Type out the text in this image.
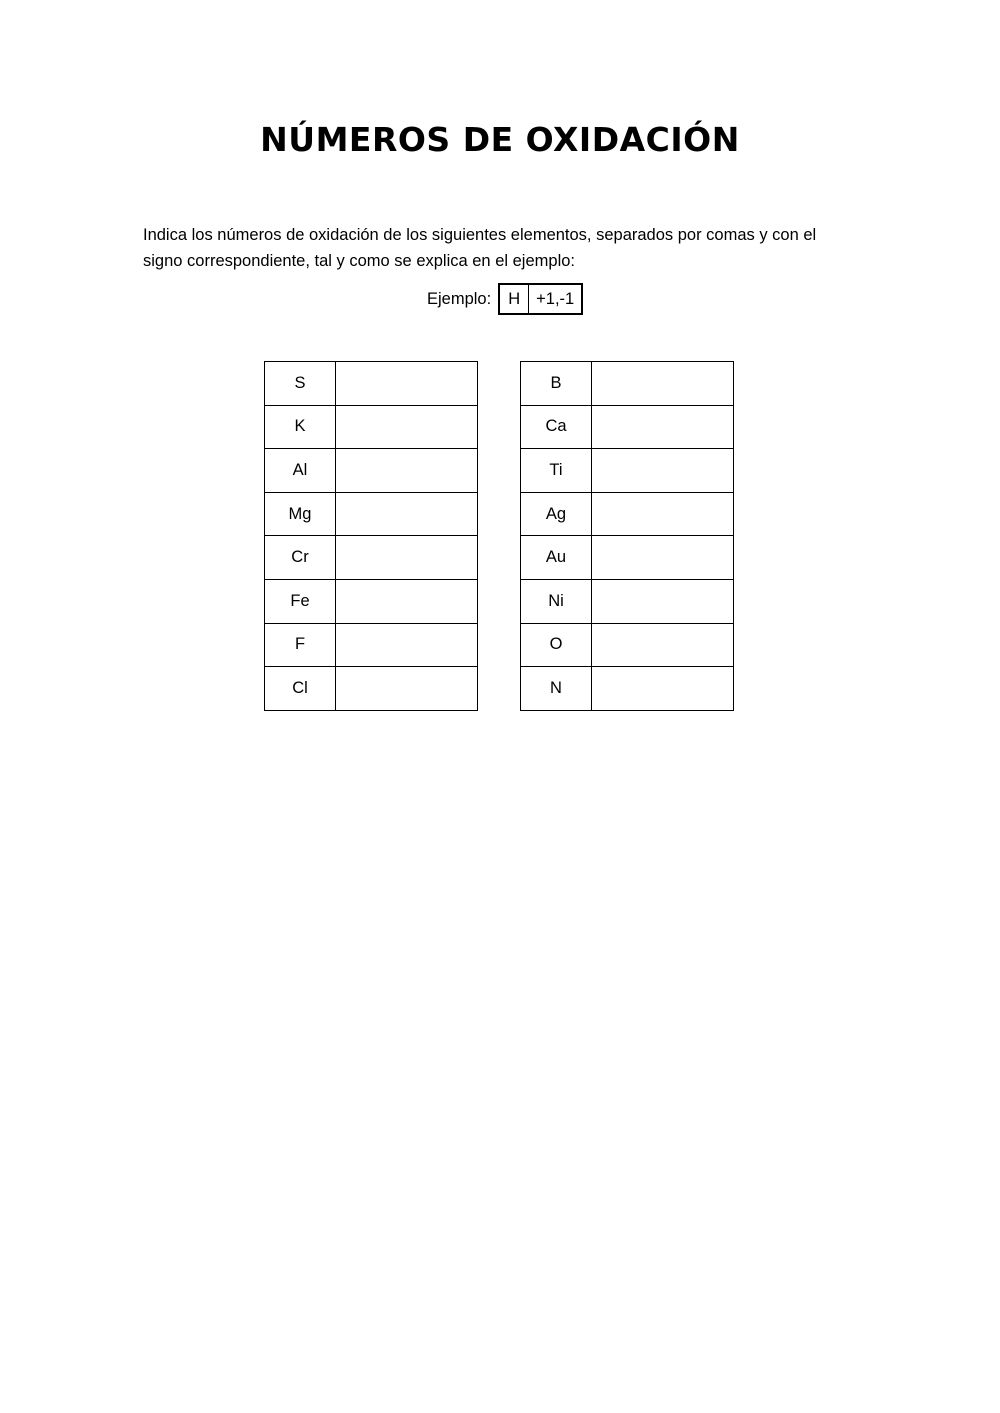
NÚMEROS DE OXIDACIÓN

Indica los números de oxidación de los siguientes elementos, separados por comas y con el signo correspondiente, tal y como se explica en el ejemplo:

Ejemplo:	H +1,-1
S	
K	
Al	
Mg	
Cr	
Fe	
F	
Cl	
B	
Ca	
Ti	
Ag	
Au	
Ni	
O	
N	
